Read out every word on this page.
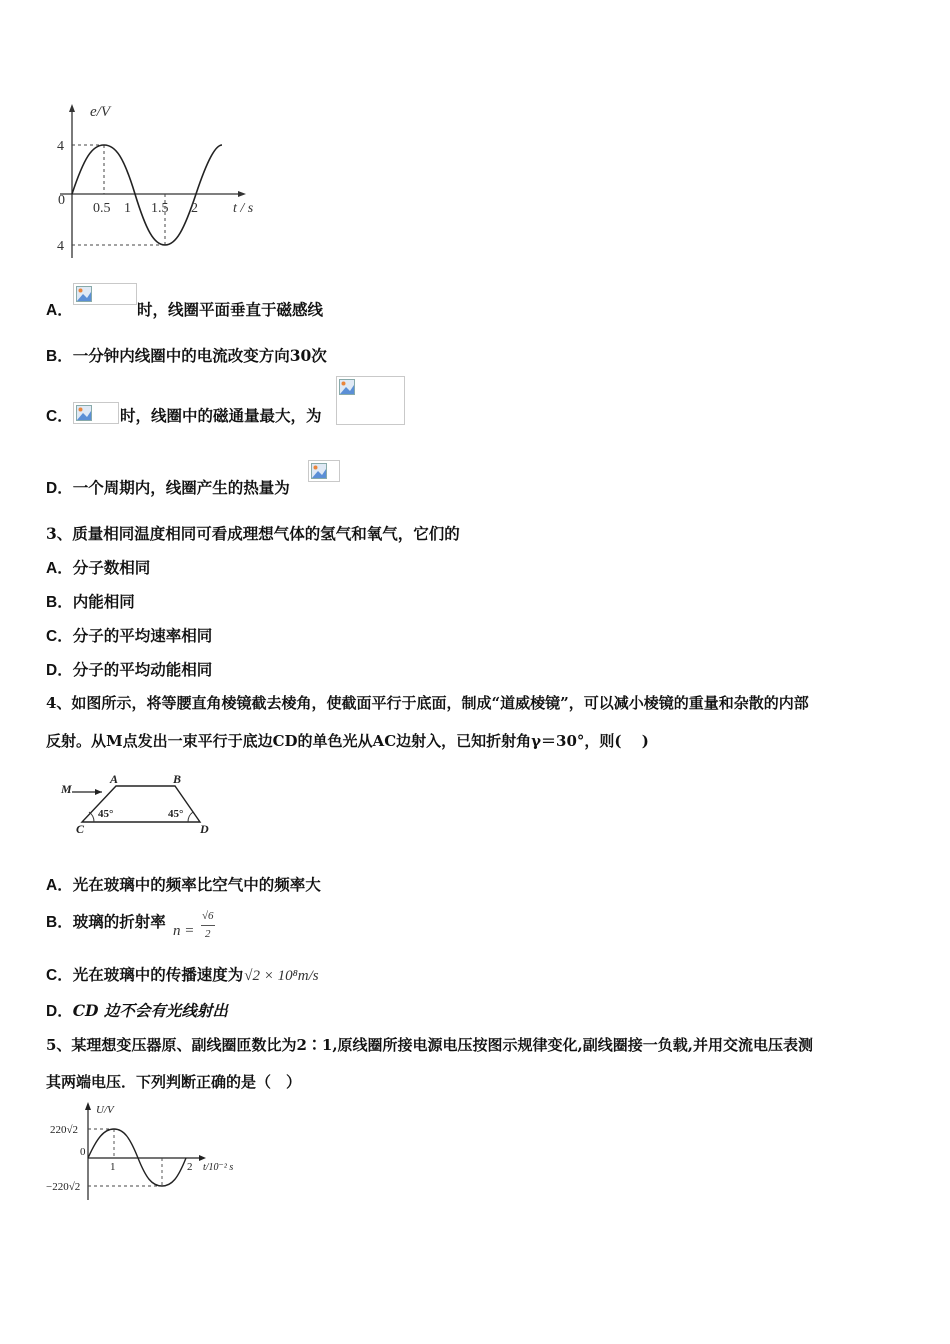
e/V
4
0
4
0.5 1 1.5 2	t / s
A．	时，线圈平面垂直于磁感线
B．一分钟内线圈中的电流改变方向30次
C．	时，线圈中的磁通量最大，为
D．一个周期内，线圈产生的热量为
3、质量相同温度相同可看成理想气体的氢气和氧气，它们的
A．分子数相同
B．内能相同
C．分子的平均速率相同
D．分子的平均动能相同
4、如图所示，将等腰直角棱镜截去棱角，使截面平行于底面，制成“道威棱镜”，可以减小棱镜的重量和杂散的内部
反射。从M点发出一束平行于底边CD的单色光从AC边射入，已知折射角γ＝30°，则(　 )
M
A	B
C	D
45°	45°
A．光在玻璃中的频率比空气中的频率大
B．玻璃的折射率 n =
√6
2
C．光在玻璃中的传播速度为√2 × 10⁸m/s
D．CD 边不会有光线射出
5、某理想变压器原、副线圈匝数比为2∶1,原线圈所接电源电压按图示规律变化,副线圈接一负载,并用交流电压表测
其两端电压．下列判断正确的是（　）
U/V
220√2
0
−220√2
1	2 t/10⁻² s
